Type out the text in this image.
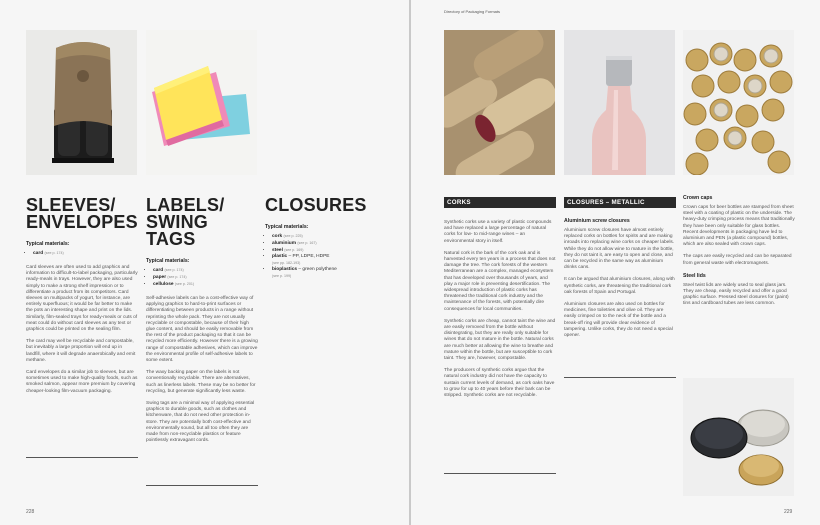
SLEEVES/
ENVELOPES
Typical materials:
• card (see p. 174)

Card sleeves are often used to add graphics and information to difficult-to-label packaging, particularly ready-meals in trays. However, they are also used simply to make a strong shelf impression or to differentiate a product from its competitors. Card sleeves on multipacks of yogurt, for instance, are entirely superfluous; it would be far better to make the pots an interesting shape and print on the lids. Similarly, film-sealed trays for ready-meals or cuts of meat could do without card sleeves as any text or graphics could be printed on the sealing film.

The card may well be recyclable and compostable, but inevitably a large proportion will end up in landfill, where it will degrade anaerobically and emit methane.

Card envelopes do a similar job to sleeves, but are sometimes used to make high-quality foods, such as smoked salmon, appear more premium by covering cheaper-looking film-vacuum packaging.

LABELS/
SWING TAGS
Typical materials:
• card (see p. 174)
• paper (see p. 174)
• cellulose (see p. 201)

Self-adhesive labels can be a cost-effective way of applying graphics to hard-to-print surfaces or differentiating between products in a range without reprinting the whole pack. They are not usually recyclable or compostable, because of their high glue content, and should be easily removable from the rest of the product packaging so that it can be recycled more efficiently. However there is a growing range of compostable adhesives, which can improve the environmental profile of self-adhesive labels to some extent.

The waxy backing paper on the labels is not conventionally recyclable. There are alternatives, such as linerless labels. These may be no better for recycling, but generate significantly less waste.

Swing tags are a minimal way of applying essential graphics to durable goods, such as clothes and kitchenware, that do not need other protection in-store. They are potentially both cost-effective and environmentally sound, but all too often they are made from non-recyclable plastics or feature pointlessly extravagant cords.

CLOSURES
Typical materials:
• cork (see p. 225)
• aluminium (see p. 167)
• steel (see p. 169)
• plastic – PP, LDPE, HDPE
(see pp. 182-193)
• bioplastics – green polythene
(see p. 199)
228
Directory of Packaging Formats
CORKS

Synthetic corks use a variety of plastic compounds and have replaced a large percentage of natural corks for low- to mid-range wines – an environmental story in itself.

Natural cork is the bark of the cork oak and is harvested every ten years in a process that does not damage the tree. The cork forests of the western Mediterranean are a complex, managed ecosystem that has developed over thousands of years, and play a major role in preventing desertification. The widespread introduction of plastic corks has threatened the traditional cork industry and the maintenance of the forests, with potentially dire consequences for local communities.

Synthetic corks are cheap, cannot taint the wine and are easily removed from the bottle without disintegrating, but they are really only suitable for wines that do not mature in the bottle. Natural corks are much better at allowing the wine to breathe and mature within the bottle, but are susceptible to cork taint. They are, however, compostable.

The producers of synthetic corks argue that the natural cork industry did not have the capacity to sustain current levels of demand, as cork oaks have to grow for up to 40 years before their bark can be stripped. Synthetic corks are not recyclable.

CLOSURES – METALLIC
Aluminium screw closures

Aluminium screw closures have almost entirely replaced corks on bottles for spirits and are making inroads into replacing wine corks on cheaper labels. While they do not allow wine to mature in the bottle, they do not taint it, are easy to open and close, and can be recycled in the same way as aluminium drinks cans.

It can be argued that aluminium closures, along with synthetic corks, are threatening the traditional cork oak forests of Spain and Portugal.

Aluminium closures are also used on bottles for medicines, fine toiletries and olive oil. They are easily crimped on to the neck of the bottle and a break-off ring will provide clear evidence of tampering. Unlike corks, they do not need a special opener.

Crown caps

Crown caps for beer bottles are stamped from sheet steel with a coating of plastic on the underside. The heavy-duty crimping process means that traditionally they have been only suitable for glass bottles. Recent developments in packaging have led to aluminium and PEN (a plastic compound) bottles, which are also sealed with crown caps.

The caps are easily recycled and can be separated from general waste with electromagnets.

Steel lids

Steel twist lids are widely used to seal glass jars. They are cheap, easily recycled and offer a good graphic surface. Pressed steel closures for (paint) tins and cardboard tubes are less common.

229
